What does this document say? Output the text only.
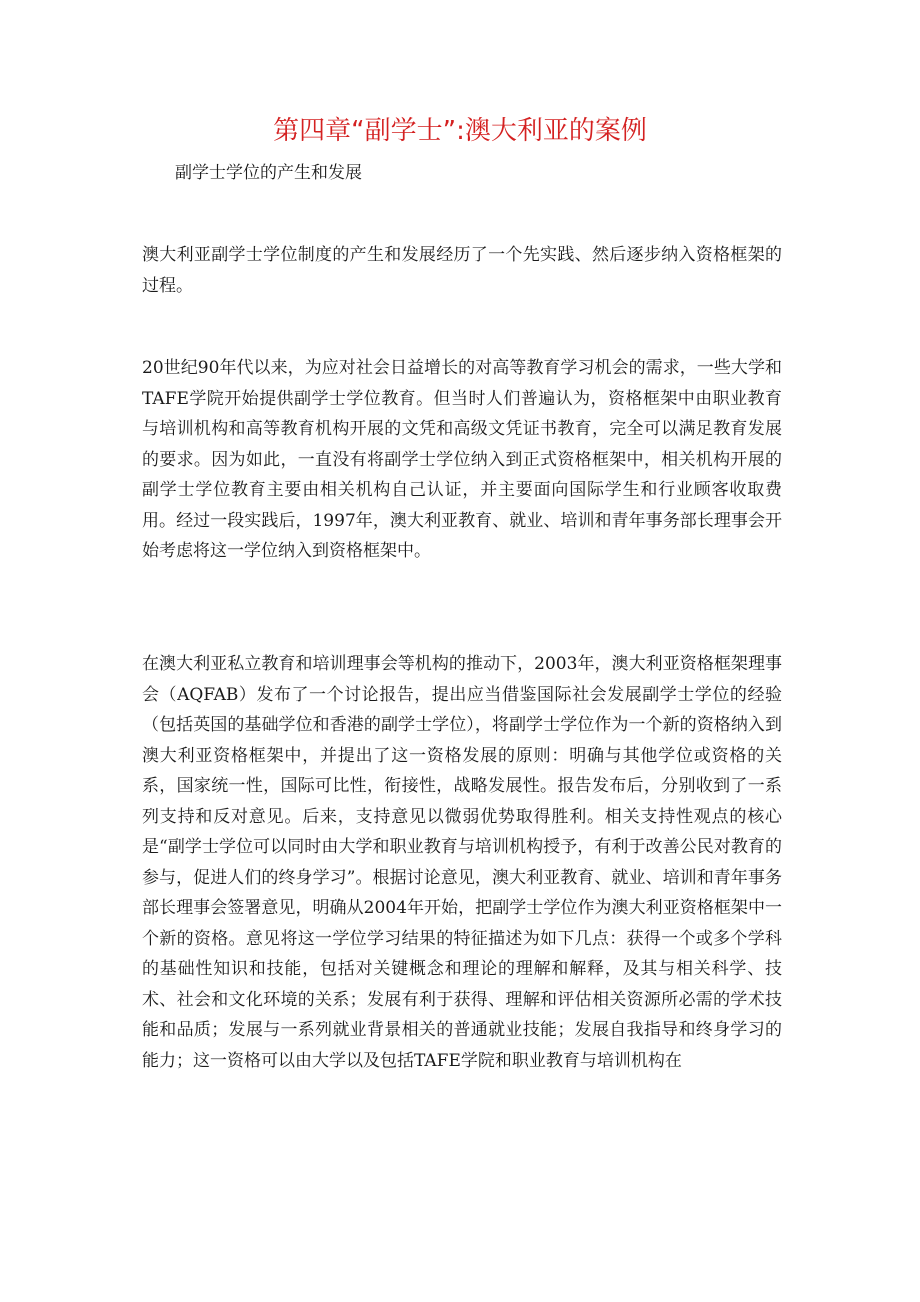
第四章“副学士”:澳大利亚的案例

副学士学位的产生和发展

澳大利亚副学士学位制度的产生和发展经历了一个先实践、然后逐步纳入资格框架的过程。

20世纪90年代以来，为应对社会日益增长的对高等教育学习机会的需求，一些大学和TAFE学院开始提供副学士学位教育。但当时人们普遍认为，资格框架中由职业教育与培训机构和高等教育机构开展的文凭和高级文凭证书教育，完全可以满足教育发展的要求。因为如此，一直没有将副学士学位纳入到正式资格框架中，相关机构开展的副学士学位教育主要由相关机构自己认证，并主要面向国际学生和行业顾客收取费用。经过一段实践后，1997年，澳大利亚教育、就业、培训和青年事务部长理事会开始考虑将这一学位纳入到资格框架中。

在澳大利亚私立教育和培训理事会等机构的推动下，2003年，澳大利亚资格框架理事会（AQFAB）发布了一个讨论报告，提出应当借鉴国际社会发展副学士学位的经验（包括英国的基础学位和香港的副学士学位），将副学士学位作为一个新的资格纳入到澳大利亚资格框架中，并提出了这一资格发展的原则：明确与其他学位或资格的关系，国家统一性，国际可比性，衔接性，战略发展性。报告发布后，分别收到了一系列支持和反对意见。后来，支持意见以微弱优势取得胜利。相关支持性观点的核心是“副学士学位可以同时由大学和职业教育与培训机构授予，有利于改善公民对教育的参与，促进人们的终身学习”。根据讨论意见，澳大利亚教育、就业、培训和青年事务部长理事会签署意见，明确从2004年开始，把副学士学位作为澳大利亚资格框架中一个新的资格。意见将这一学位学习结果的特征描述为如下几点：获得一个或多个学科的基础性知识和技能，包括对关键概念和理论的理解和解释，及其与相关科学、技术、社会和文化环境的关系；发展有利于获得、理解和评估相关资源所必需的学术技能和品质；发展与一系列就业背景相关的普通就业技能；发展自我指导和终身学习的能力；这一资格可以由大学以及包括TAFE学院和职业教育与培训机构在
